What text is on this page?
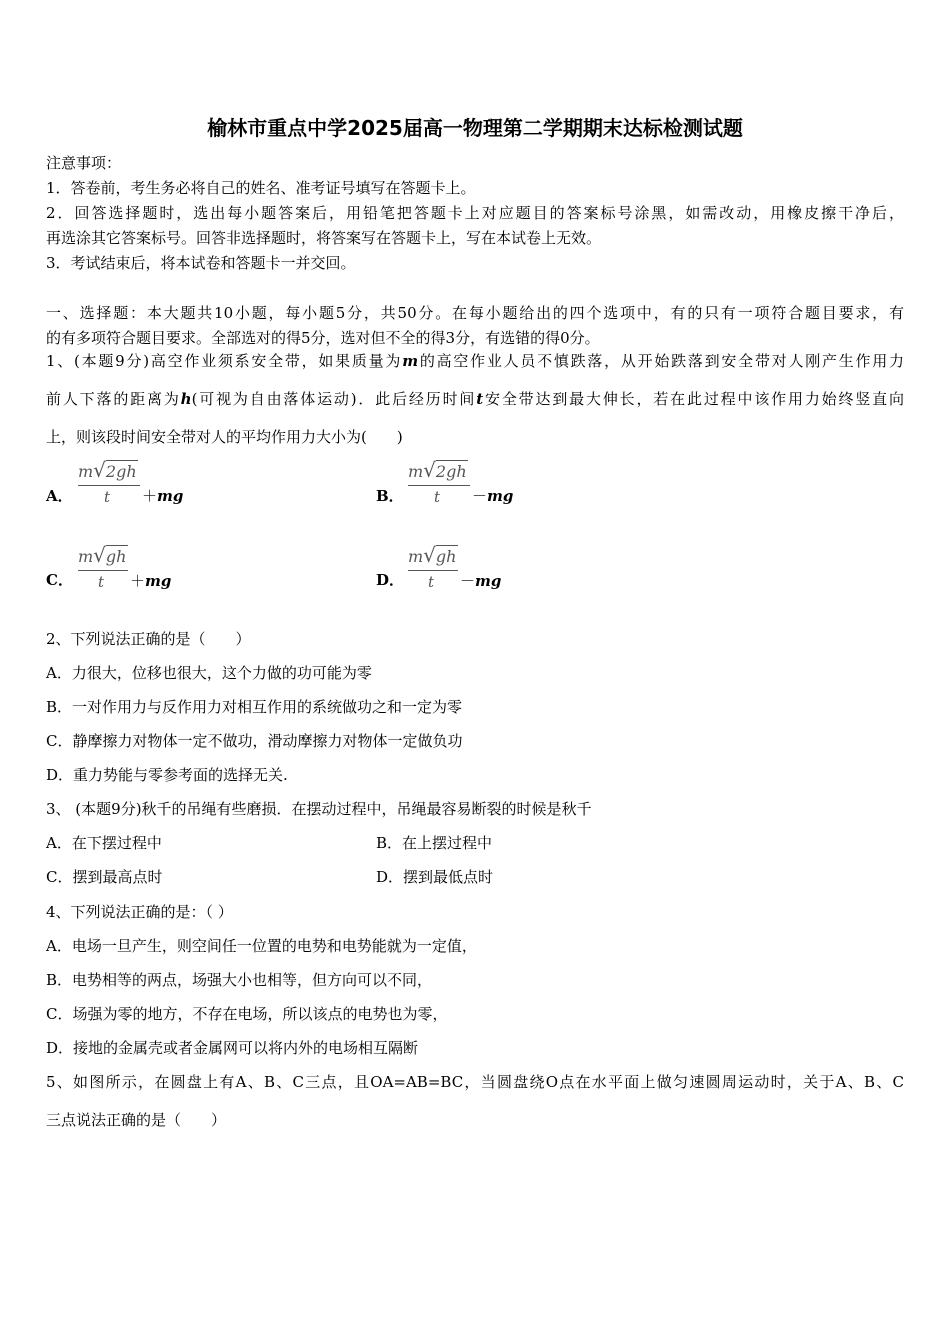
榆林市重点中学2025届高一物理第二学期期末达标检测试题
注意事项：
1．答卷前，考生务必将自己的姓名、准考证号填写在答题卡上。
2．回答选择题时，选出每小题答案后，用铅笔把答题卡上对应题目的答案标号涂黑，如需改动，用橡皮擦干净后，
再选涂其它答案标号。回答非选择题时，将答案写在答题卡上，写在本试卷上无效。
3．考试结束后，将本试卷和答题卡一并交回。
一、选择题：本大题共10小题，每小题5分，共50分。在每小题给出的四个选项中，有的只有一项符合题目要求，有
的有多项符合题目要求。全部选对的得5分，选对但不全的得3分，有选错的得0分。
1、(本题9分)高空作业须系安全带，如果质量为m的高空作业人员不慎跌落，从开始跌落到安全带对人刚产生作用力
前人下落的距离为h(可视为自由落体运动)．此后经历时间t安全带达到最大伸长，若在此过程中该作用力始终竖直向
上，则该段时间安全带对人的平均作用力大小为(　　)
A．
m√2gh
t ＋mg	B．
m√2gh
t －mg
C．
m√gh
t ＋mg	D．
m√gh
t －mg
2、下列说法正确的是（　　）
A．力很大，位移也很大，这个力做的功可能为零
B．一对作用力与反作用力对相互作用的系统做功之和一定为零
C．静摩擦力对物体一定不做功，滑动摩擦力对物体一定做负功
D．重力势能与零参考面的选择无关.
3、 (本题9分)秋千的吊绳有些磨损．在摆动过程中，吊绳最容易断裂的时候是秋千
A．在下摆过程中	B．在上摆过程中
C．摆到最高点时	D．摆到最低点时
4、下列说法正确的是：（ ）
A．电场一旦产生，则空间任一位置的电势和电势能就为一定值，
B．电势相等的两点，场强大小也相等，但方向可以不同，
C．场强为零的地方，不存在电场，所以该点的电势也为零，
D．接地的金属壳或者金属网可以将内外的电场相互隔断
5、如图所示，在圆盘上有A、B、C三点，且OA=AB=BC，当圆盘绕O点在水平面上做匀速圆周运动时，关于A、B、C
三点说法正确的是（　　）
